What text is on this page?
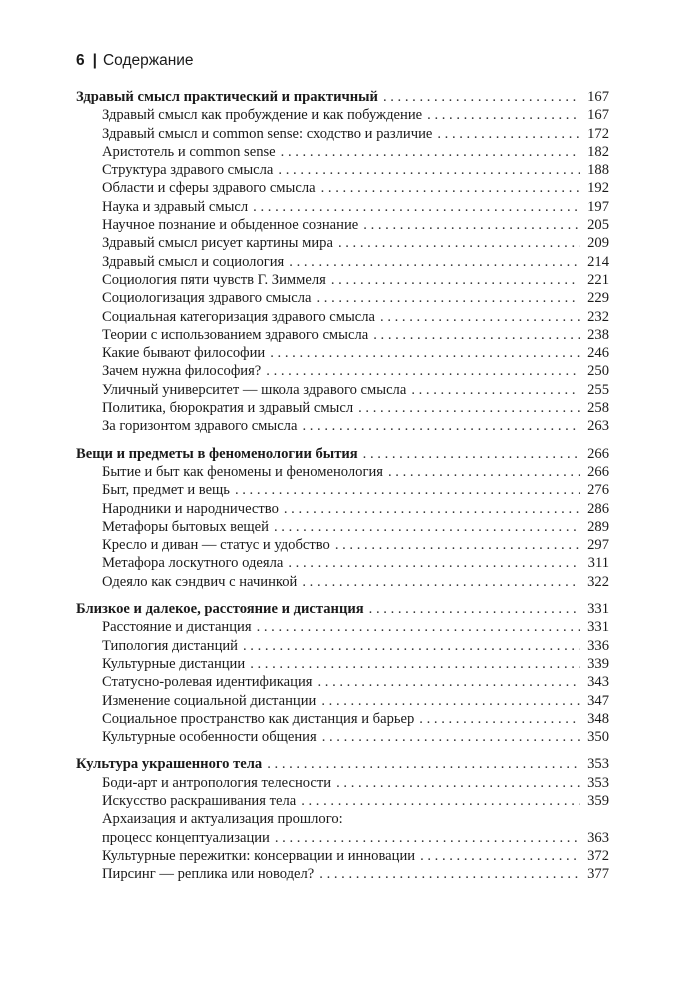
6 | Содержание
Здравый смысл практический и практичный . . .	167
Здравый смысл как пробуждение и как побуждение . . .	167
Здравый смысл и common sense: сходство и различие . . .	172
Аристотель и common sense . . .	182
Структура здравого смысла . . .	188
Области и сферы здравого смысла . . .	192
Наука и здравый смысл . . .	197
Научное познание и обыденное сознание . . .	205
Здравый смысл рисует картины мира . . .	209
Здравый смысл и социология . . .	214
Социология пяти чувств Г. Зиммеля . . .	221
Социологизация здравого смысла . . .	229
Социальная категоризация здравого смысла . . .	232
Теории с использованием здравого смысла . . .	238
Какие бывают философии . . .	246
Зачем нужна философия? . . .	250
Уличный университет — школа здравого смысла . . .	255
Политика, бюрократия и здравый смысл . . .	258
За горизонтом здравого смысла . . .	263
Вещи и предметы в феноменологии бытия . . .	266
Бытие и быт как феномены и феноменология . . .	266
Быт, предмет и вещь . . .	276
Народники и народничество . . .	286
Метафоры бытовых вещей . . .	289
Кресло и диван — статус и удобство . . .	297
Метафора лоскутного одеяла . . .	311
Одеяло как сэндвич с начинкой . . .	322
Близкое и далекое, расстояние и дистанция . . .	331
Расстояние и дистанция . . .	331
Типология дистанций . . .	336
Культурные дистанции . . .	339
Статусно-ролевая идентификация . . .	343
Изменение социальной дистанции . . .	347
Социальное пространство как дистанция и барьер . . .	348
Культурные особенности общения . . .	350
Культура украшенного тела . . .	353
Боди-арт и антропология телесности . . .	353
Искусство раскрашивания тела . . .	359
Архаизация и актуализация прошлого:
процесс концептуализации . . .	363
Культурные пережитки: консервации и инновации . . .	372
Пирсинг — реплика или новодел? . . .	377
